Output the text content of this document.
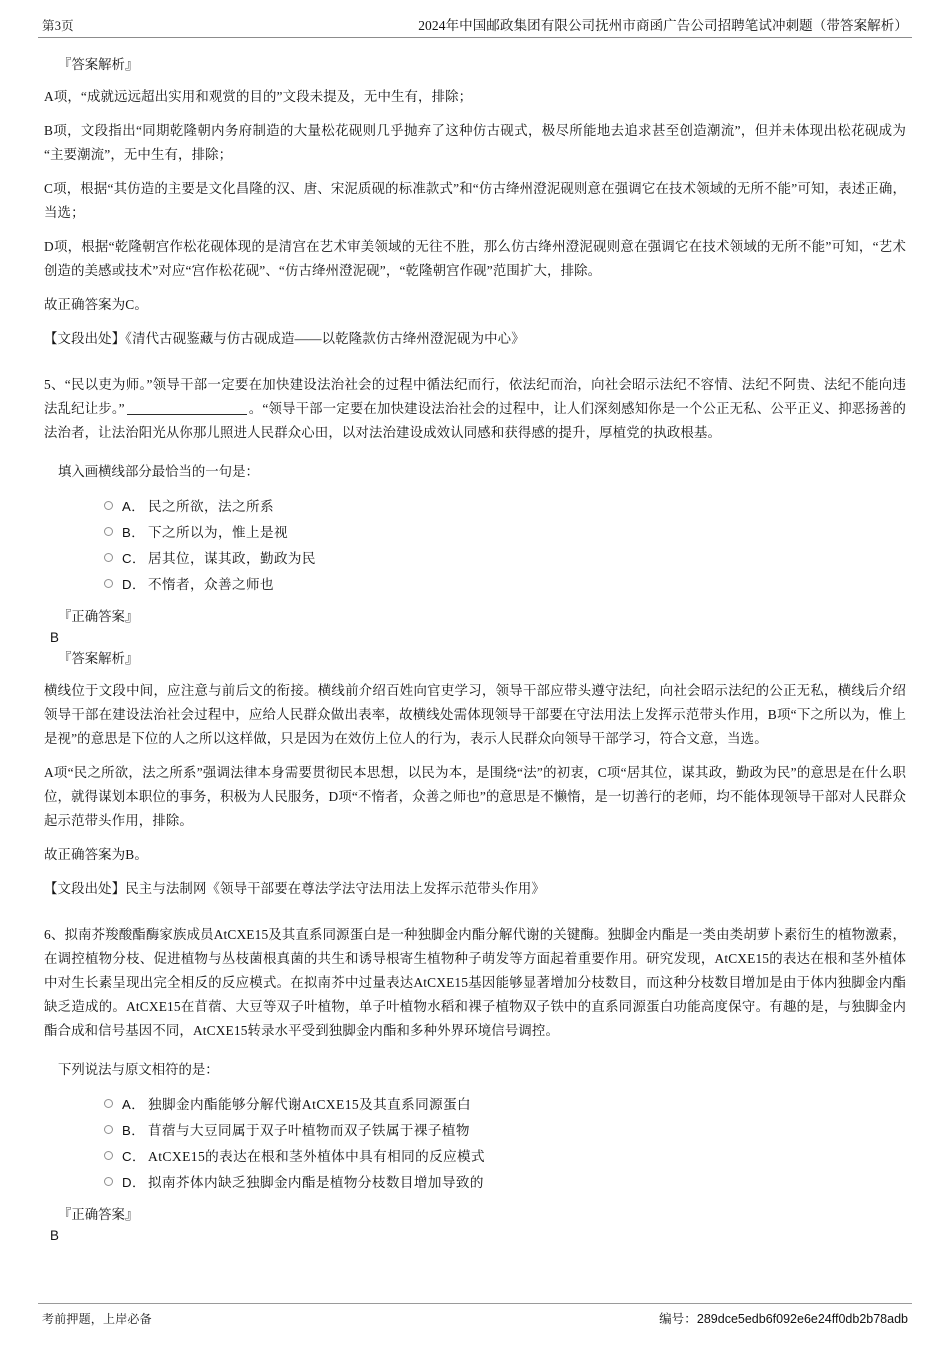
第3页	2024年中国邮政集团有限公司抚州市商函广告公司招聘笔试冲刺题（带答案解析）

『答案解析』

A项，“成就远远超出实用和观赏的目的”文段未提及，无中生有，排除；

B项，文段指出“同期乾隆朝内务府制造的大量松花砚则几乎抛弃了这种仿古砚式，极尽所能地去追求甚至创造潮流”，但并未体现出松花砚成为“主要潮流”，无中生有，排除；

C项，根据“其仿造的主要是文化昌隆的汉、唐、宋泥质砚的标准款式”和“仿古绛州澄泥砚则意在强调它在技术领域的无所不能”可知，表述正确，当选；

D项，根据“乾隆朝宫作松花砚体现的是清宫在艺术审美领域的无往不胜，那么仿古绛州澄泥砚则意在强调它在技术领域的无所不能”可知，“艺术创造的美感或技术”对应“宫作松花砚”、“仿古绛州澄泥砚”，“乾隆朝宫作砚”范围扩大，排除。

故正确答案为C。

【文段出处】《清代古砚鉴藏与仿古砚成造——以乾隆款仿古绛州澄泥砚为中心》

5、“民以吏为师。”领导干部一定要在加快建设法治社会的过程中循法纪而行，依法纪而治，向社会昭示法纪不容情、法纪不阿贵、法纪不能向违法乱纪让步。”	。“领导干部一定要在加快建设法治社会的过程中，让人们深刻感知你是一个公正无私、公平正义、抑恶扬善的法治者，让法治阳光从你那儿照进人民群众心田，以对法治建设成效认同感和获得感的提升，厚植党的执政根基。

填入画横线部分最恰当的一句是：

A． 民之所欲，法之所系
B． 下之所以为，惟上是视
C． 居其位，谋其政，勤政为民
D． 不惰者，众善之师也

『正确答案』

B

『答案解析』

横线位于文段中间，应注意与前后文的衔接。横线前介绍百姓向官吏学习，领导干部应带头遵守法纪，向社会昭示法纪的公正无私，横线后介绍领导干部在建设法治社会过程中，应给人民群众做出表率，故横线处需体现领导干部要在守法用法上发挥示范带头作用，B项“下之所以为，惟上是视”的意思是下位的人之所以这样做，只是因为在效仿上位人的行为，表示人民群众向领导干部学习，符合文意，当选。

A项“民之所欲，法之所系”强调法律本身需要贯彻民本思想，以民为本，是围绕“法”的初衷，C项“居其位，谋其政，勤政为民”的意思是在什么职位，就得谋划本职位的事务，积极为人民服务，D项“不惰者，众善之师也”的意思是不懒惰，是一切善行的老师，均不能体现领导干部对人民群众起示范带头作用，排除。

故正确答案为B。

【文段出处】民主与法制网《领导干部要在尊法学法守法用法上发挥示范带头作用》

6、拟南芥羧酸酯酶家族成员AtCXE15及其直系同源蛋白是一种独脚金内酯分解代谢的关键酶。独脚金内酯是一类由类胡萝卜素衍生的植物激素，在调控植物分枝、促进植物与丛枝菌根真菌的共生和诱导根寄生植物种子萌发等方面起着重要作用。研究发现，AtCXE15的表达在根和茎外植体中对生长素呈现出完全相反的反应模式。在拟南芥中过量表达AtCXE15基因能够显著增加分枝数目，而这种分枝数目增加是由于体内独脚金内酯缺乏造成的。AtCXE15在苜蓿、大豆等双子叶植物，单子叶植物水稻和裸子植物双子铁中的直系同源蛋白功能高度保守。有趣的是，与独脚金内酯合成和信号基因不同，AtCXE15转录水平受到独脚金内酯和多种外界环境信号调控。

下列说法与原文相符的是：

A． 独脚金内酯能够分解代谢AtCXE15及其直系同源蛋白
B． 苜蓿与大豆同属于双子叶植物而双子铁属于裸子植物
C． AtCXE15的表达在根和茎外植体中具有相同的反应模式
D． 拟南芥体内缺乏独脚金内酯是植物分枝数目增加导致的

『正确答案』

B

考前押题，上岸必备	编号：289dce5edb6f092e6e24ff0db2b78adb
